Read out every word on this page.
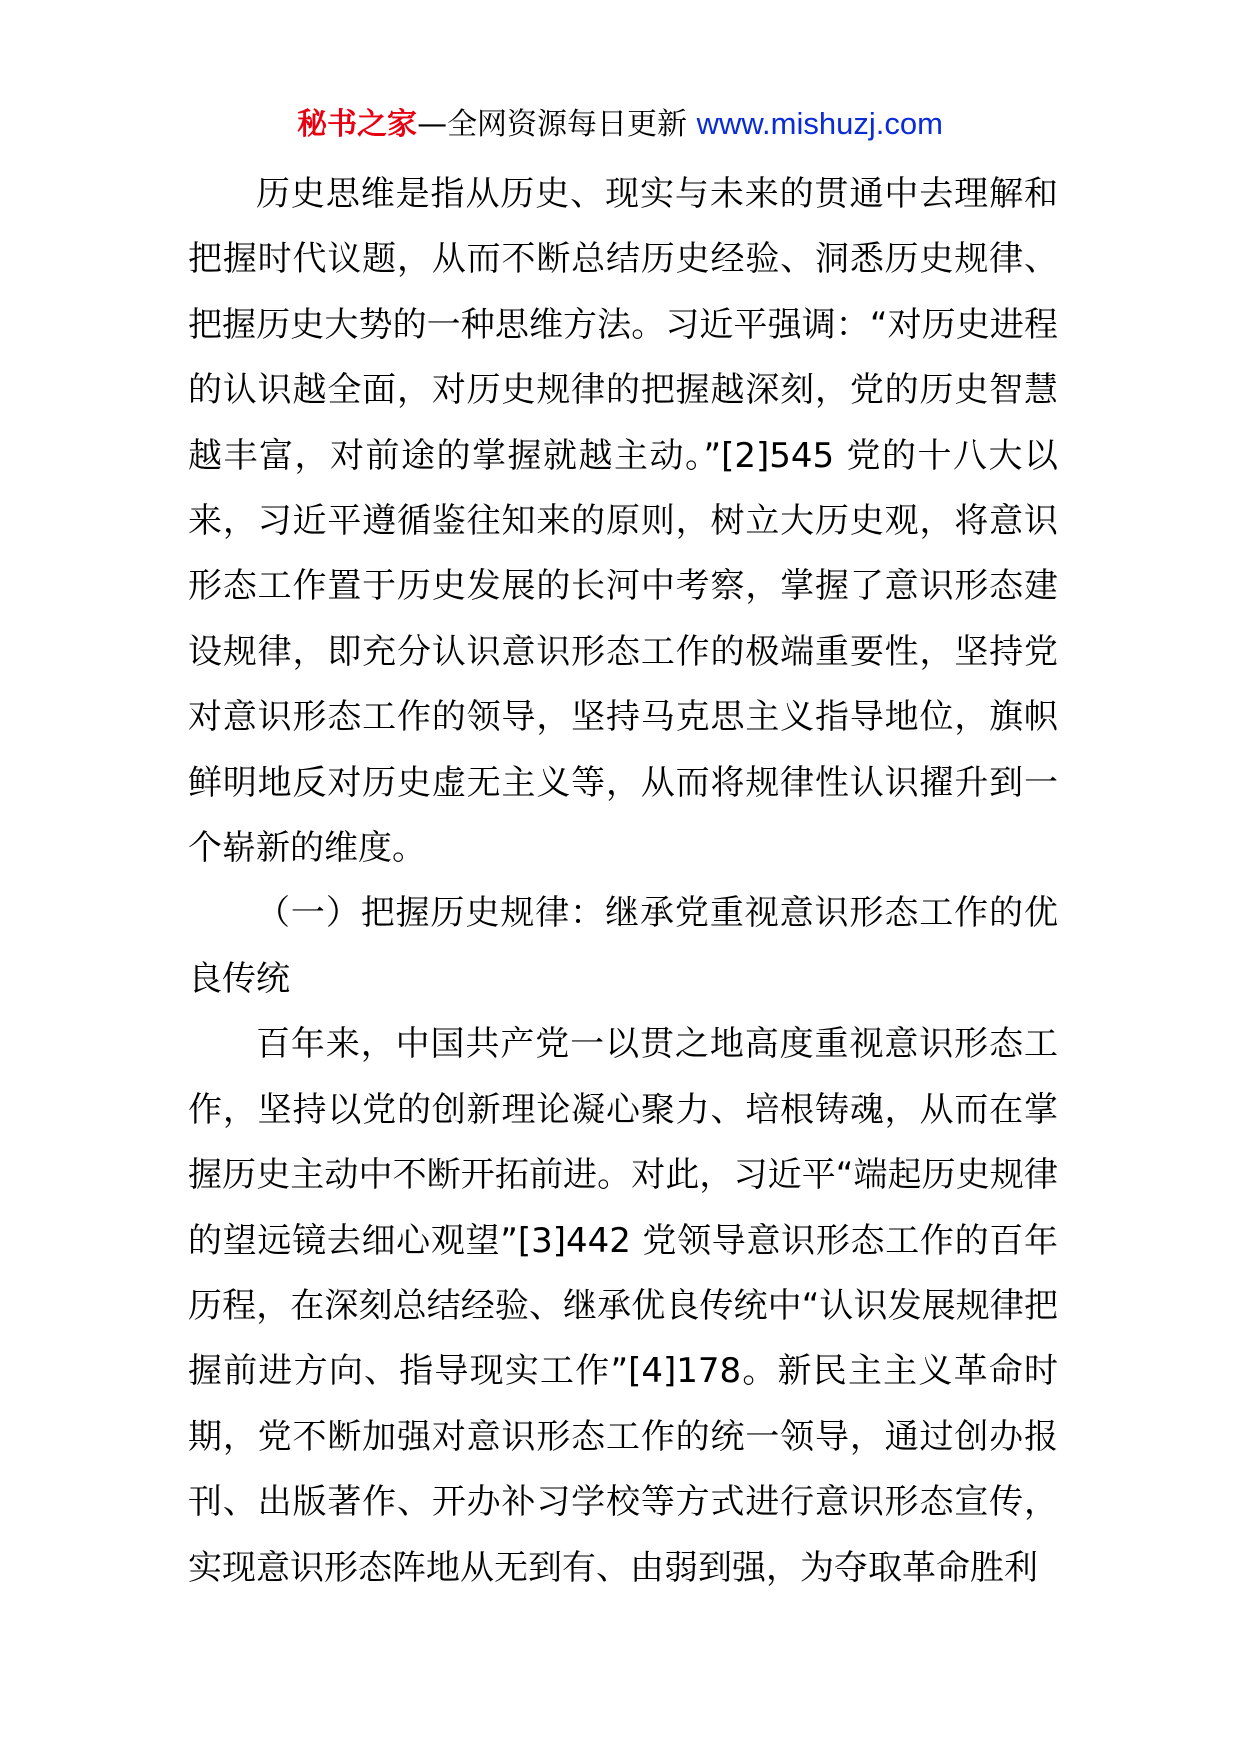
秘书之家—全网资源每日更新 www.mishuzj.com

历史思维是指从历史、现实与未来的贯通中去理解和把握时代议题，从而不断总结历史经验、洞悉历史规律、把握历史大势的一种思维方法。习近平强调：“对历史进程的认识越全面，对历史规律的把握越深刻，党的历史智慧越丰富，对前途的掌握就越主动。”[2]545 党的十八大以来，习近平遵循鉴往知来的原则，树立大历史观，将意识形态工作置于历史发展的长河中考察，掌握了意识形态建设规律，即充分认识意识形态工作的极端重要性，坚持党对意识形态工作的领导，坚持马克思主义指导地位，旗帜鲜明地反对历史虚无主义等，从而将规律性认识擢升到一个崭新的维度。

（一）把握历史规律：继承党重视意识形态工作的优良传统

百年来，中国共产党一以贯之地高度重视意识形态工作，坚持以党的创新理论凝心聚力、培根铸魂，从而在掌握历史主动中不断开拓前进。对此，习近平“端起历史规律的望远镜去细心观望”[3]442 党领导意识形态工作的百年历程，在深刻总结经验、继承优良传统中“认识发展规律把握前进方向、指导现实工作”[4]178。新民主主义革命时期，党不断加强对意识形态工作的统一领导，通过创办报刊、出版著作、开办补习学校等方式进行意识形态宣传，实现意识形态阵地从无到有、由弱到强，为夺取革命胜利
